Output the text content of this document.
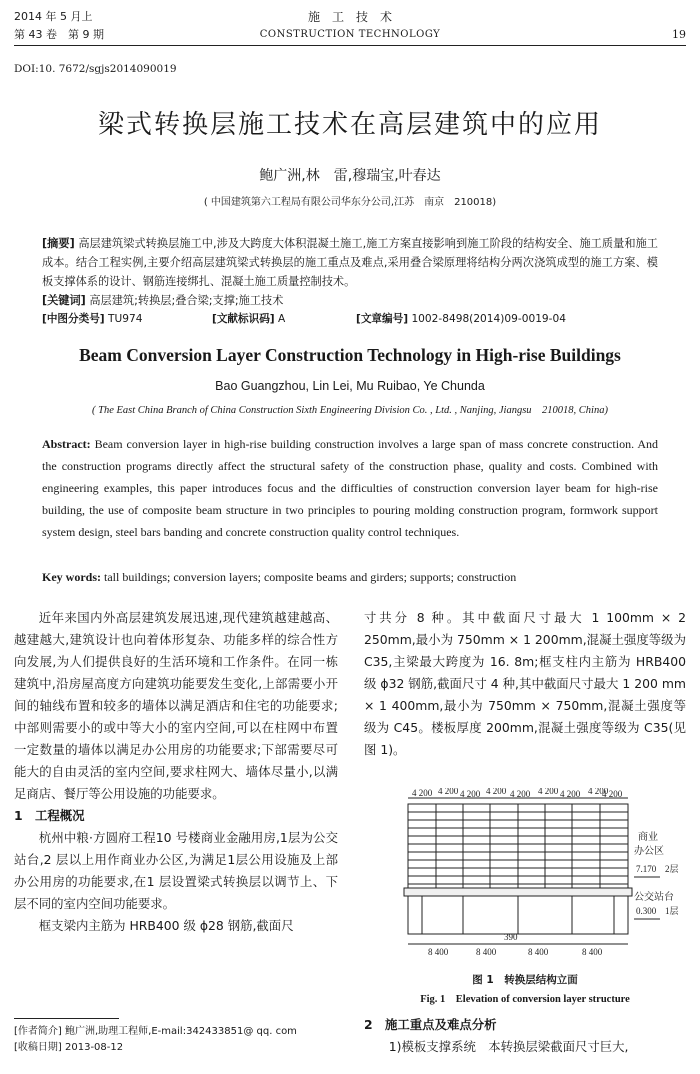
2014 年 5 月上
第 43 卷　第 9 期
施　工　技　术
CONSTRUCTION TECHNOLOGY	19
DOI:10. 7672/sgjs2014090019
梁式转换层施工技术在高层建筑中的应用
鲍广洲,林　雷,穆瑞宝,叶春达
( 中国建筑第六工程局有限公司华东分公司,江苏　南京　210018)
[摘要] 高层建筑梁式转换层施工中,涉及大跨度大体积混凝土施工,施工方案直接影响到施工阶段的结构安全、施工质量和施工成本。结合工程实例,主要介绍高层建筑梁式转换层的施工重点及难点,采用叠合梁原理将结构分两次浇筑成型的施工方案、模板支撑体系的设计、钢筋连接绑扎、混凝土施工质量控制技术。
[关键词] 高层建筑;转换层;叠合梁;支撑;施工技术
[中图分类号] TU974	[文献标识码] A	[文章编号] 1002-8498(2014)09-0019-04
Beam Conversion Layer Construction Technology in High-rise Buildings
Bao Guangzhou, Lin Lei, Mu Ruibao, Ye Chunda
( The East China Branch of China Construction Sixth Engineering Division Co. , Ltd. , Nanjing, Jiangsu　210018, China)
Abstract: Beam conversion layer in high-rise building construction involves a large span of mass concrete construction. And the construction programs directly affect the structural safety of the construction phase, quality and costs. Combined with engineering examples, this paper introduces focus and the difficulties of construction conversion layer beam for high-rise building, the use of composite beam structure in two principles to pouring molding construction program, formwork support system design, steel bars banding and concrete construction quality control techniques.
Key words: tall buildings; conversion layers; composite beams and girders; supports; construction

近年来国内外高层建筑发展迅速,现代建筑越建越高、越建越大,建筑设计也向着体形复杂、功能多样的综合性方向发展,为人们提供良好的生活环境和工作条件。在同一栋建筑中,沿房屋高度方向建筑功能要发生变化,上部需要小开间的轴线布置和较多的墙体以满足酒店和住宅的功能要求;中部则需要小的或中等大小的室内空间,可以在柱网中布置一定数量的墙体以满足办公用房的功能要求;下部需要尽可能大的自由灵活的室内空间,要求柱网大、墙体尽量小,以满足商店、餐厅等公用设施的功能要求。

1　工程概况

杭州中粮·方圆府工程10 号楼商业金融用房,1层为公交站台,2 层以上用作商业办公区,为满足1层公用设施及上部办公用房的功能要求,在1 层设置梁式转换层以调节上、下层不同的室内空间功能要求。

框支梁内主筋为 HRB400 级 ϕ28 钢筋,截面尺

[作者简介] 鲍广洲,助理工程师,E-mail:342433851@ qq. com
[收稿日期] 2013-08-12
寸共分 8 种。其中截面尺寸最大 1 100mm × 2 250mm,最小为 750mm × 1 200mm,混凝土强度等级为 C35,主梁最大跨度为 16. 8m;框支柱内主筋为 HRB400 级 ϕ32 钢筋,截面尺寸 4 种,其中截面尺寸最大 1 200 mm × 1 400mm,最小为 750mm × 750mm,混凝土强度等级为 C45。楼板厚度 200mm,混凝土强度等级为 C35(见图 1)。
4 200 4 200 4 200 4 200 4 200 4 200 4 200 4 200
4 200
8 400	8 400
390
8 400	8 400
7.170 2层
0.300 1层
商业
办公区
公交站台
图 1　转换层结构立面
Fig. 1　Elevation of conversion layer structure
2　施工重点及难点分析

1)模板支撑系统　本转换层梁截面尺寸巨大,
